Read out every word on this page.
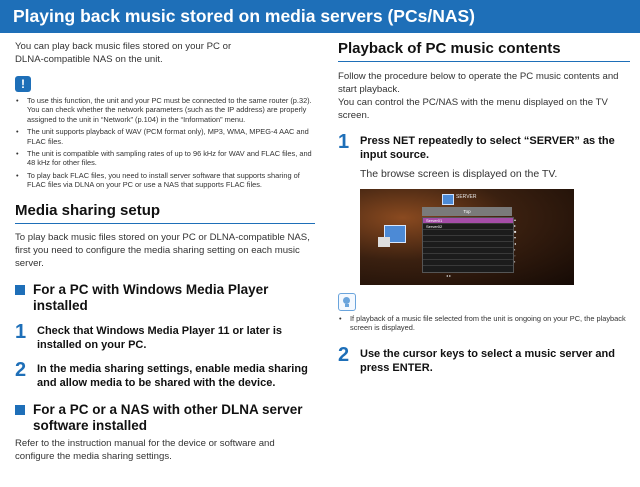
Playing back music stored on media servers (PCs/NAS)

You can play back music files stored on your PC or DLNA-compatible NAS on the unit.

!
• To use this function, the unit and your PC must be connected to the same router (p.32). You can check whether the network parameters (such as the IP address) are properly assigned to the unit in “Network” (p.104) in the “Information” menu.
• The unit supports playback of WAV (PCM format only), MP3, WMA, MPEG-4 AAC and FLAC files.
• The unit is compatible with sampling rates of up to 96 kHz for WAV and FLAC files, and 48 kHz for other files.
• To play back FLAC files, you need to install server software that supports sharing of FLAC files via DLNA on your PC or use a NAS that supports FLAC files.
Media sharing setup

To play back music files stored on your PC or DLNA-compatible NAS, first you need to configure the media sharing setting on each music server.

For a PC with Windows Media Player installed
1 Check that Windows Media Player 11 or later is installed on your PC.
2 In the media sharing settings, enable media sharing and allow media to be shared with the device.
For a PC or a NAS with other DLNA server software installed

Refer to the instruction manual for the device or software and configure the media sharing settings.

Playback of PC music contents

Follow the procedure below to operate the PC music contents and start playback.

You can control the PC/NAS with the menu displayed on the TV screen.

1 Press NET repeatedly to select “SERVER” as the input source.

The browse screen is displayed on the TV.

SERVER
Top
Server01
Server02
▴
▸
■
▾
◂
▪
▫
▪
◂ ▸
• If playback of a music file selected from the unit is ongoing on your PC, the playback screen is displayed.
2 Use the cursor keys to select a music server and press ENTER.
